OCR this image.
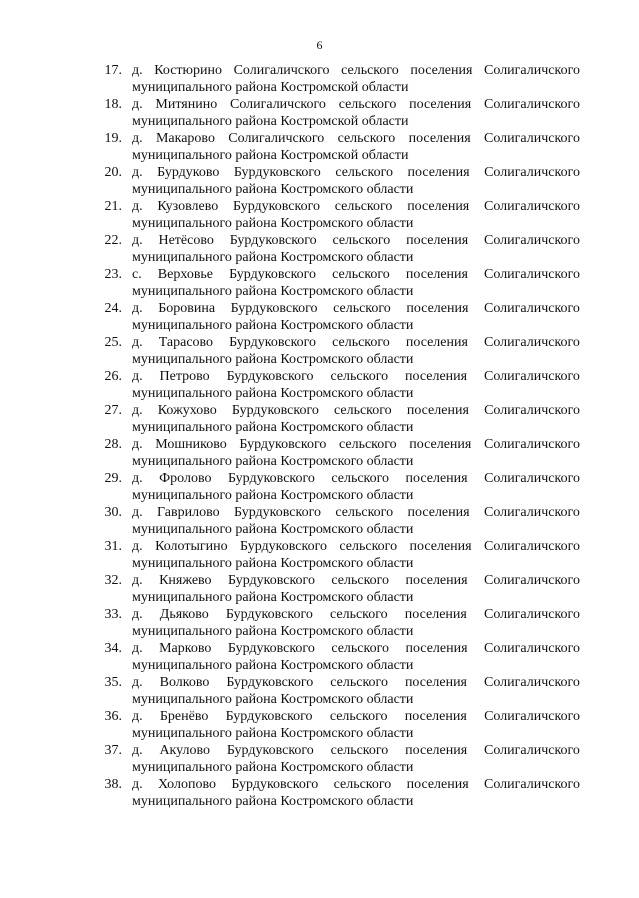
6
17. д. Костюрино Солигаличского сельского поселения Солигаличского
муниципального района Костромской области
18. д. Митянино Солигаличского сельского поселения Солигаличского
муниципального района Костромской области
19. д. Макарово Солигаличского сельского поселения Солигаличского
муниципального района Костромской области
20. д. Бурдуково Бурдуковского сельского поселения Солигаличского
муниципального района Костромского области
21. д. Кузовлево Бурдуковского сельского поселения Солигаличского
муниципального района Костромского области
22. д. Нетёсово Бурдуковского сельского поселения Солигаличского
муниципального района Костромского области
23. с. Верховье Бурдуковского сельского поселения Солигаличского
муниципального района Костромского области
24. д. Боровина Бурдуковского сельского поселения Солигаличского
муниципального района Костромского области
25. д. Тарасово Бурдуковского сельского поселения Солигаличского
муниципального района Костромского области
26. д. Петрово Бурдуковского сельского поселения Солигаличского
муниципального района Костромского области
27. д. Кожухово Бурдуковского сельского поселения Солигаличского
муниципального района Костромского области
28. д. Мошниково Бурдуковского сельского поселения Солигаличского
муниципального района Костромского области
29. д. Фролово Бурдуковского сельского поселения Солигаличского
муниципального района Костромского области
30. д. Гаврилово Бурдуковского сельского поселения Солигаличского
муниципального района Костромского области
31. д. Колотыгино Бурдуковского сельского поселения Солигаличского
муниципального района Костромского области
32. д. Княжево Бурдуковского сельского поселения Солигаличского
муниципального района Костромского области
33. д. Дьяково Бурдуковского сельского поселения Солигаличского
муниципального района Костромского области
34. д. Марково Бурдуковского сельского поселения Солигаличского
муниципального района Костромского области
35. д. Волково Бурдуковского сельского поселения Солигаличского
муниципального района Костромского области
36. д. Бренёво Бурдуковского сельского поселения Солигаличского
муниципального района Костромского области
37. д. Акулово Бурдуковского сельского поселения Солигаличского
муниципального района Костромского области
38. д. Холопово Бурдуковского сельского поселения Солигаличского
муниципального района Костромского области
